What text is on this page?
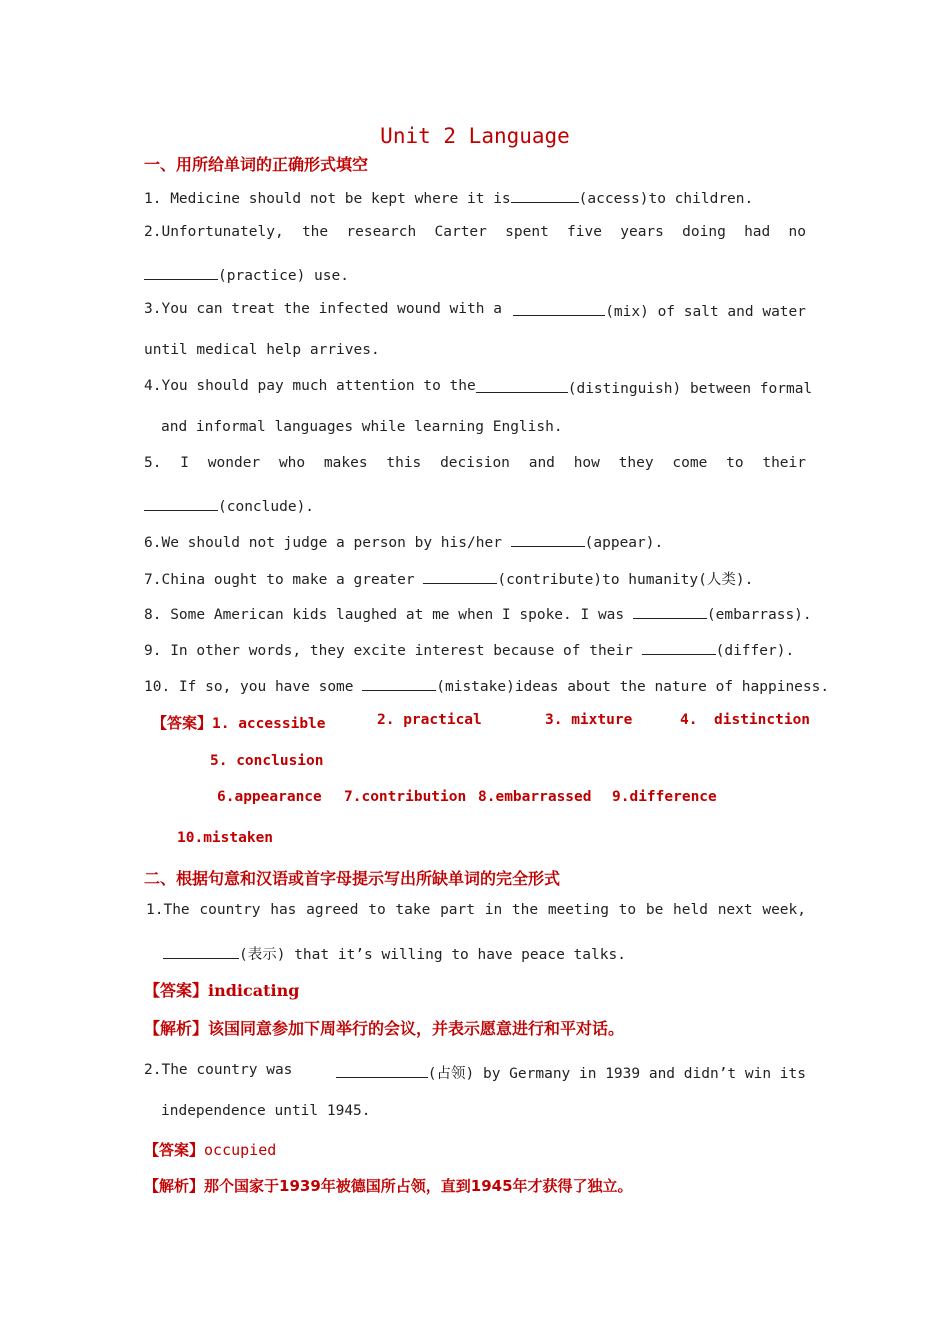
Unit 2 Language
一、用所给单词的正确形式填空
1. Medicine should not be kept where it is	(access)to children.
2.Unfortunately, the research Carter spent five years doing had no
(practice) use.
3.You can treat the infected wound with a	(mix) of salt and water
until medical help arrives.
4.You should pay much attention to the	(distinguish) between formal
and informal languages while learning English.
5. I wonder who makes this decision and how they come to their
(conclude).
6.We should not judge a person by his/her	(appear).
7.China ought to make a greater	(contribute)to humanity(人类).
8. Some American kids laughed at me when I spoke. I was	(embarrass).
9. In other words, they excite interest because of their	(differ).
10. If so, you have some	(mistake)ideas about the nature of happiness.
【答案】1. accessible	2. practical	3. mixture	4. distinction
5. conclusion
6.appearance 7.contribution 8.embarrassed 9.difference
10.mistaken
二、根据句意和汉语或首字母提示写出所缺单词的完全形式
1.The country has agreed to take part in the meeting to be held next week,
(表示) that it’s willing to have peace talks.
【答案】indicating
【解析】该国同意参加下周举行的会议，并表示愿意进行和平对话。
2.The country was	(占领) by Germany in 1939 and didn’t win its
independence until 1945.
【答案】occupied
【解析】那个国家于1939年被德国所占领，直到1945年才获得了独立。
